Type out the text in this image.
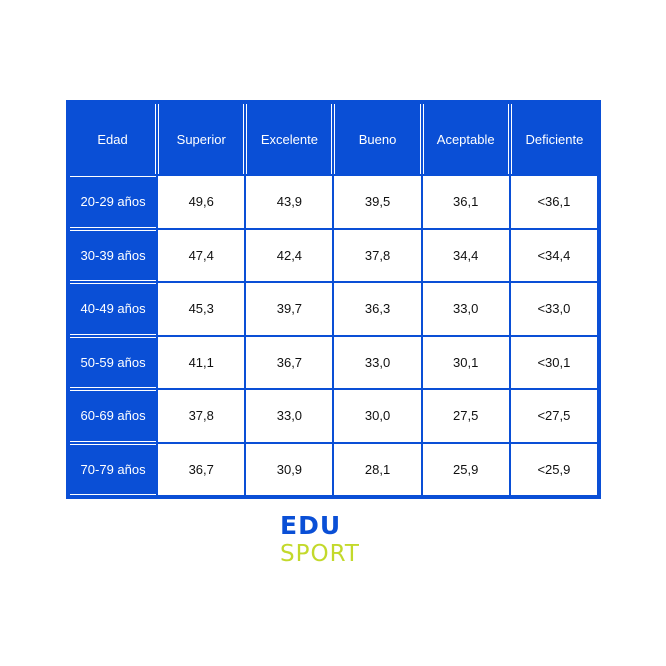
Edad	Superior	Excelente	Bueno	Aceptable	Deficiente
20-29 años	49,6	43,9	39,5	36,1	<36,1
30-39 años	47,4	42,4	37,8	34,4	<34,4
40-49 años	45,3	39,7	36,3	33,0	<33,0
50-59 años	41,1	36,7	33,0	30,1	<30,1
60-69 años	37,8	33,0	30,0	27,5	<27,5
70-79 años	36,7	30,9	28,1	25,9	<25,9
EDU
SPORT
